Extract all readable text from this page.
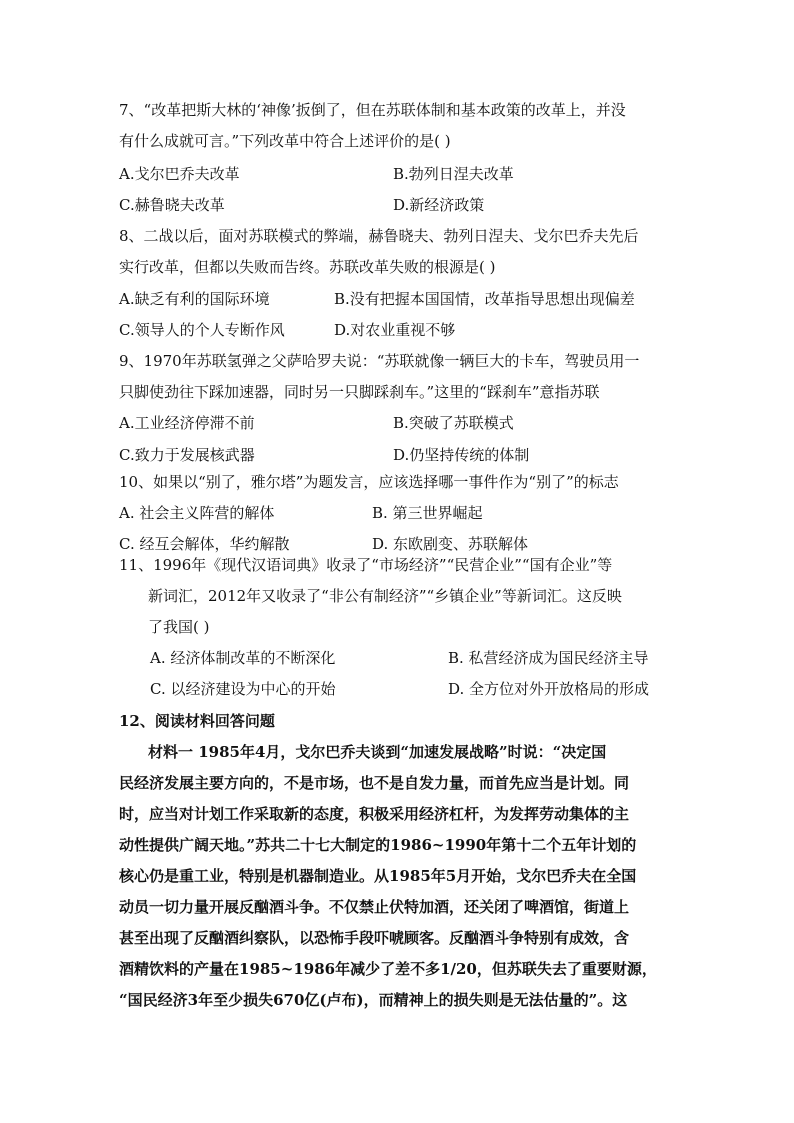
7、“改革把斯大林的‘神像’扳倒了，但在苏联体制和基本政策的改革上，并没
有什么成就可言。”下列改革中符合上述评价的是( )
A.戈尔巴乔夫改革	B.勃列日涅夫改革
C.赫鲁晓夫改革	D.新经济政策
8、二战以后，面对苏联模式的弊端，赫鲁晓夫、勃列日涅夫、戈尔巴乔夫先后
实行改革，但都以失败而告终。苏联改革失败的根源是( )
A.缺乏有利的国际环境	B.没有把握本国国情，改革指导思想出现偏差
C.领导人的个人专断作风	D.对农业重视不够
9、1970年苏联氢弹之父萨哈罗夫说：“苏联就像一辆巨大的卡车，驾驶员用一
只脚使劲往下踩加速器，同时另一只脚踩刹车。”这里的“踩刹车”意指苏联
A.工业经济停滞不前	B.突破了苏联模式
C.致力于发展核武器	D.仍坚持传统的体制
10、如果以“别了，雅尔塔”为题发言，应该选择哪一事件作为“别了”的标志
A. 社会主义阵营的解体	B. 第三世界崛起
C. 经互会解体，华约解散	D. 东欧剧变、苏联解体
11、1996年《现代汉语词典》收录了“市场经济”“民营企业”“国有企业”等
新词汇，2012年又收录了“非公有制经济”“乡镇企业”等新词汇。这反映
了我国( )
A. 经济体制改革的不断深化	B. 私营经济成为国民经济主导
C. 以经济建设为中心的开始	D. 全方位对外开放格局的形成
12、阅读材料回答问题
材料一 1985年4月，戈尔巴乔夫谈到“加速发展战略”时说：“决定国
民经济发展主要方向的，不是市场，也不是自发力量，而首先应当是计划。同
时，应当对计划工作采取新的态度，积极采用经济杠杆，为发挥劳动集体的主
动性提供广阔天地。”苏共二十七大制定的1986~1990年第十二个五年计划的
核心仍是重工业，特别是机器制造业。从1985年5月开始，戈尔巴乔夫在全国
动员一切力量开展反酗酒斗争。不仅禁止伏特加酒，还关闭了啤酒馆，街道上
甚至出现了反酗酒纠察队，以恐怖手段吓唬顾客。反酗酒斗争特别有成效，含
酒精饮料的产量在1985~1986年减少了差不多1/20，但苏联失去了重要财源，
“国民经济3年至少损失670亿(卢布)，而精神上的损失则是无法估量的”。这
